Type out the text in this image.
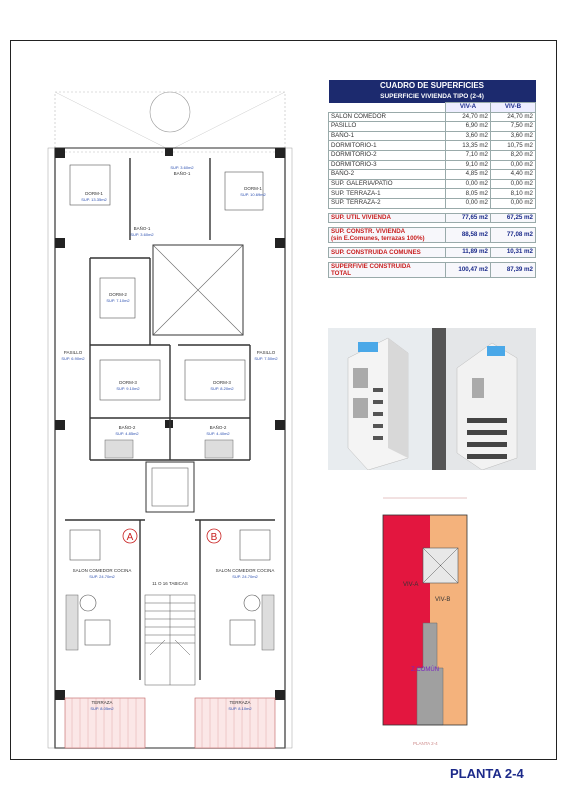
A	B
DORM-1
SUP. 13.35m2
DORM-1
SUP. 10.69m2
BAÑO-1
SUP. 3.60m2
BAÑO-1
SUP. 3.60m2
DORM-2
SUP. 7.10m2
PASILLO
SUP. 6.90m2
PASILLO
SUP. 7.50m2
DORM-3
SUP. 9.10m2
DORM-3
SUP. 8.20m2
BAÑO-2
SUP. 4.85m2
BAÑO-2
SUP. 4.40m2
SALON COMEDOR COCINA
SUP. 24.70m2
SALON COMEDOR COCINA
SUP. 24.70m2
11 O 16 TABICAS
TERRAZA
SUP. 8.05m2
TERRAZA
SUP. 8.10m2
CUADRO DE SUPERFICIES		
SUPERFICIE VIVIENDA TIPO (2-4)		
	VIV-A	VIV-B
SALON COMEDOR	24,70 m2	24,70 m2
PASILLO	6,90 m2	7,50 m2
BAÑO-1	3,60 m2	3,60 m2
DORMITORIO-1	13,35 m2	10,75 m2
DORMITORIO-2	7,10 m2	8,20 m2
DORMITORIO-3	9,10 m2	0,00 m2
BAÑO-2	4,85 m2	4,40 m2
SUP. GALERIA/PATIO	0,00 m2	0,00 m2
SUP. TERRAZA-1	8,05 m2	8,10 m2
SUP. TERRAZA-2	0,00 m2	0,00 m2

SUP. UTIL VIVIENDA	77,65 m2	67,25 m2

SUP. CONSTR. VIVIENDA
(sin E.Comunes, terrazas 100%)	88,58 m2	77,08 m2

SUP. CONSTRUIDA COMUNES	11,89 m2	10,31 m2

SUPERFIVIE CONSTRUIDA
TOTAL	100,47 m2	87,39 m2
VIV-A
VIV-B
Z.COMÚN
PLANTA 2-4
PLANTA 2-4
